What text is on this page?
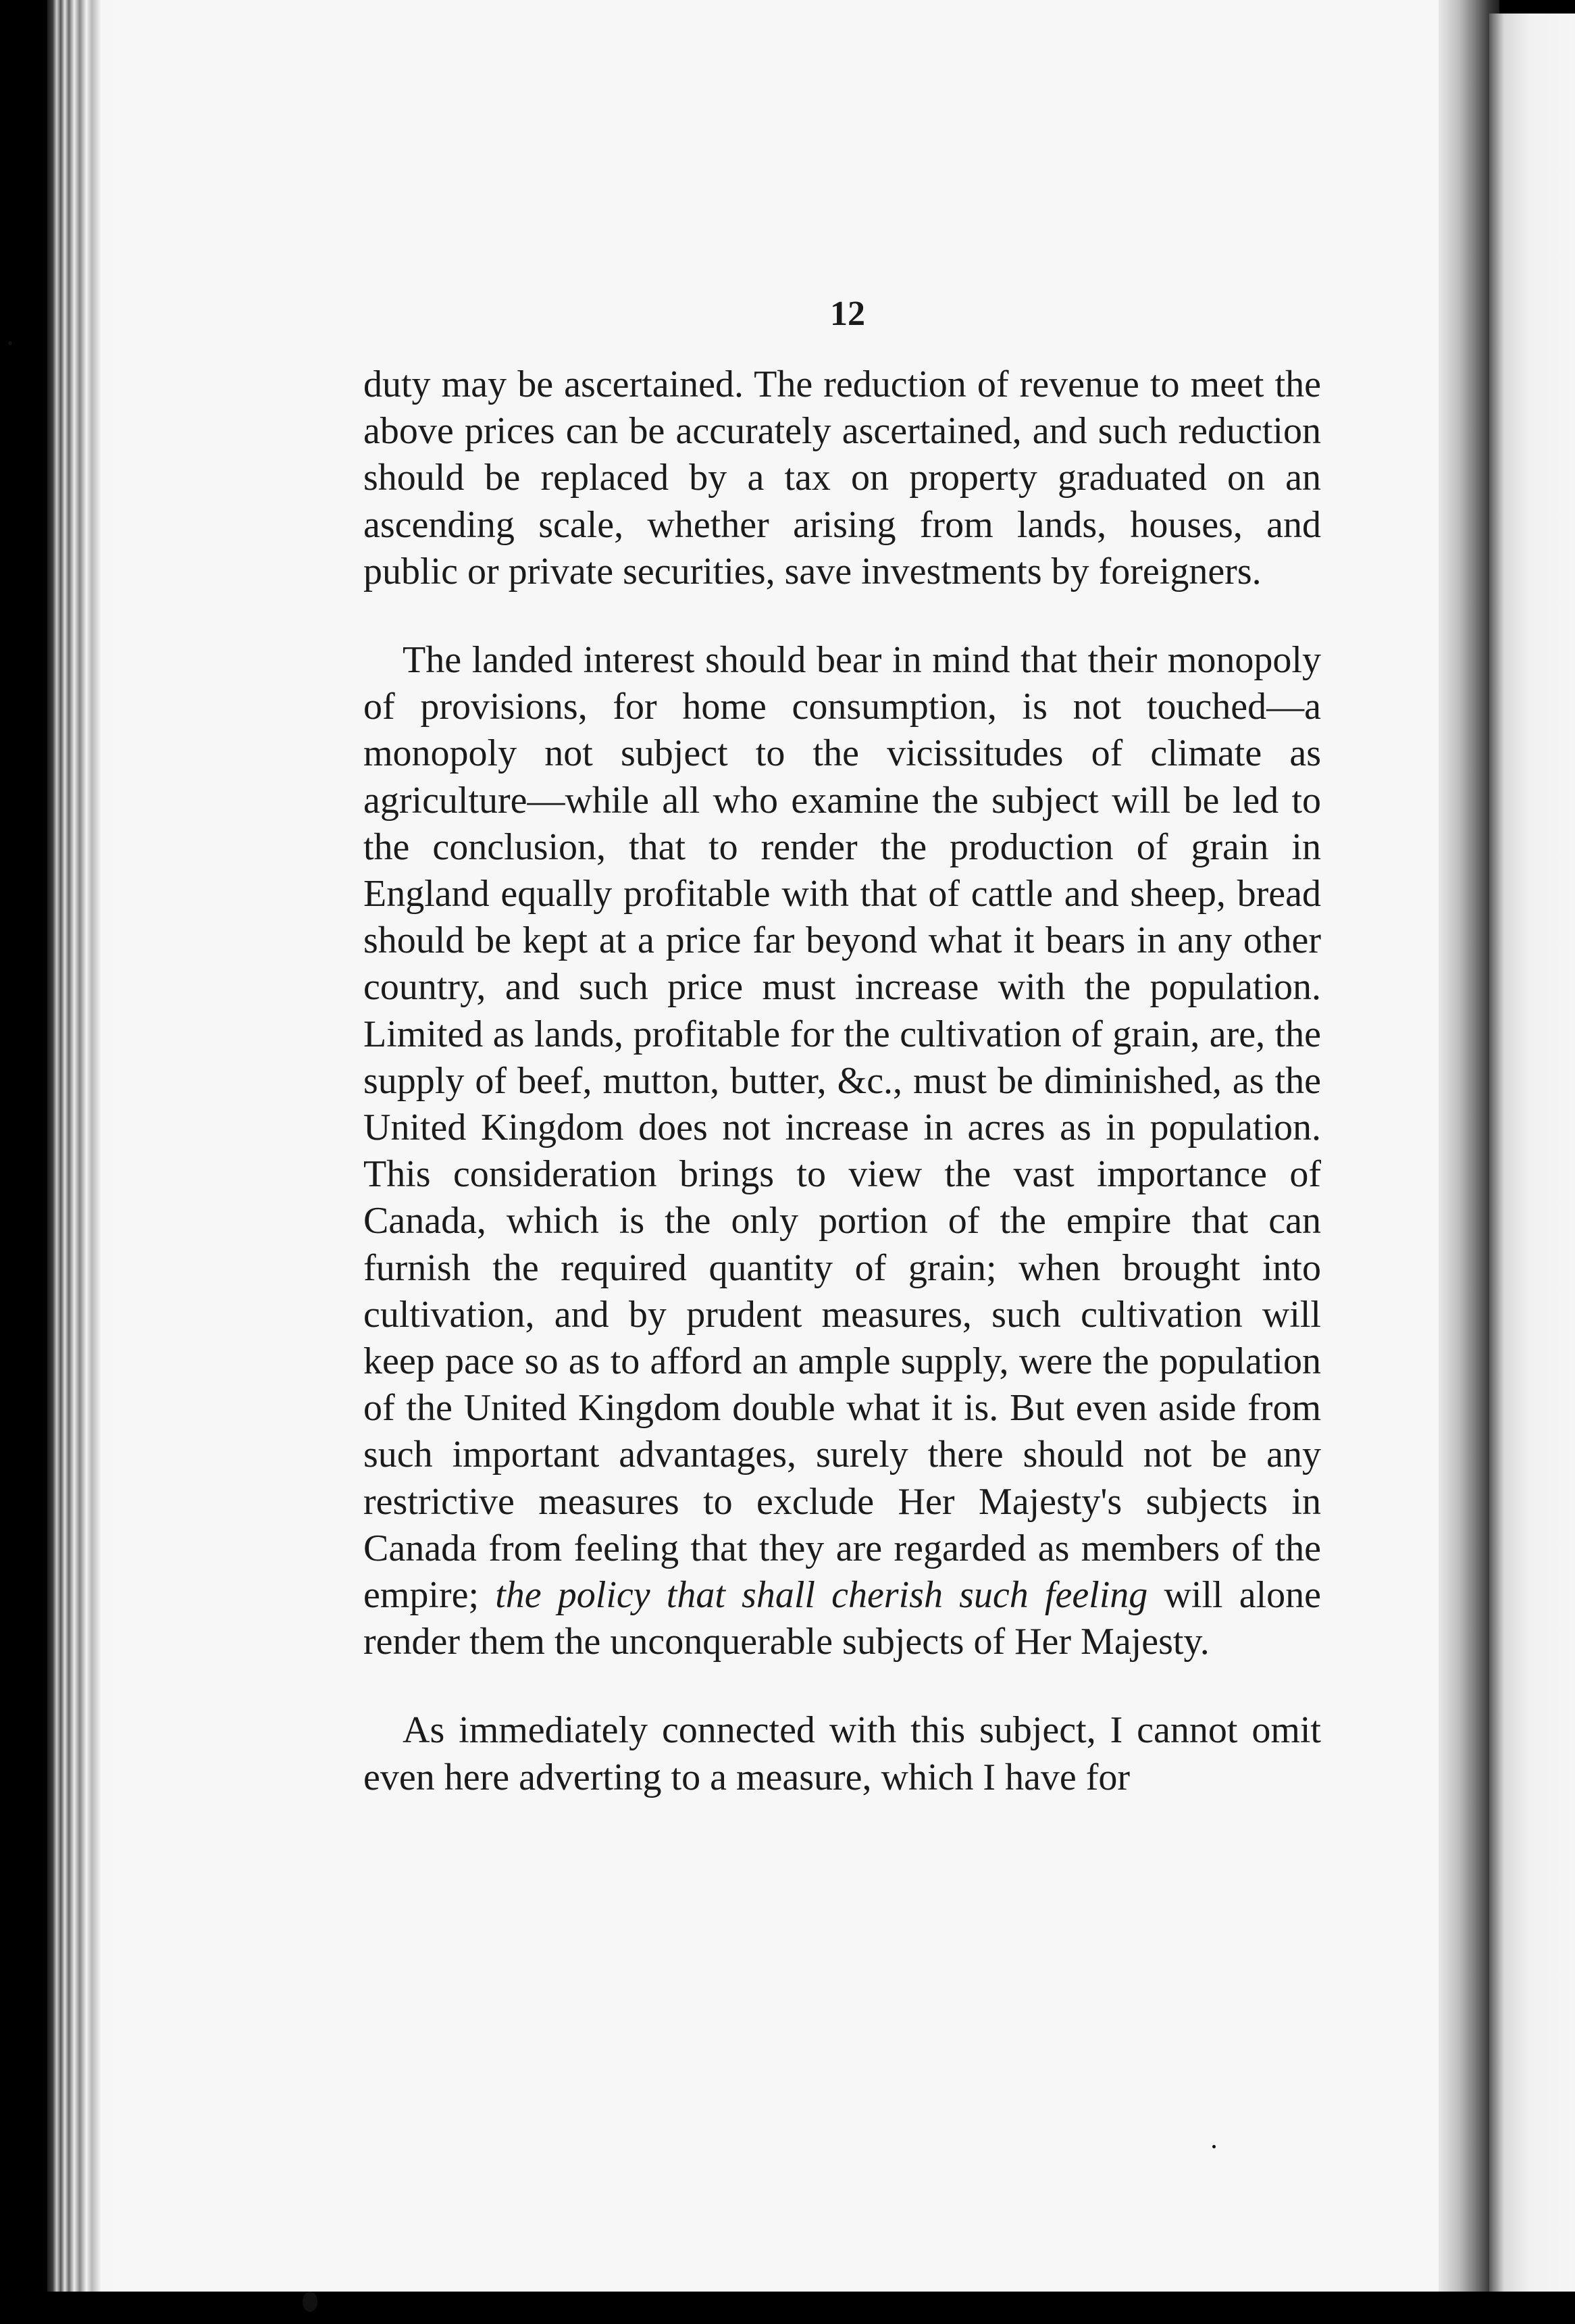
12

duty may be ascertained. The reduction of revenue to meet the above prices can be accurately ascertained, and such reduction should be replaced by a tax on property graduated on an ascending scale, whether arising from lands, houses, and public or private securities, save investments by foreigners.

The landed interest should bear in mind that their monopoly of provisions, for home consumption, is not touched—a monopoly not subject to the vicissitudes of climate as agriculture—while all who examine the subject will be led to the conclusion, that to render the production of grain in England equally profitable with that of cattle and sheep, bread should be kept at a price far beyond what it bears in any other country, and such price must increase with the population. Limited as lands, profitable for the cultivation of grain, are, the supply of beef, mutton, butter, &c., must be diminished, as the United Kingdom does not increase in acres as in population. This consideration brings to view the vast importance of Canada, which is the only portion of the empire that can furnish the required quantity of grain; when brought into cultivation, and by prudent measures, such cultivation will keep pace so as to afford an ample supply, were the population of the United Kingdom double what it is. But even aside from such important advantages, surely there should not be any restrictive measures to exclude Her Majesty's subjects in Canada from feeling that they are regarded as members of the empire; the policy that shall cherish such feeling will alone render them the unconquerable subjects of Her Majesty.

As immediately connected with this subject, I cannot omit even here adverting to a measure, which I have for
